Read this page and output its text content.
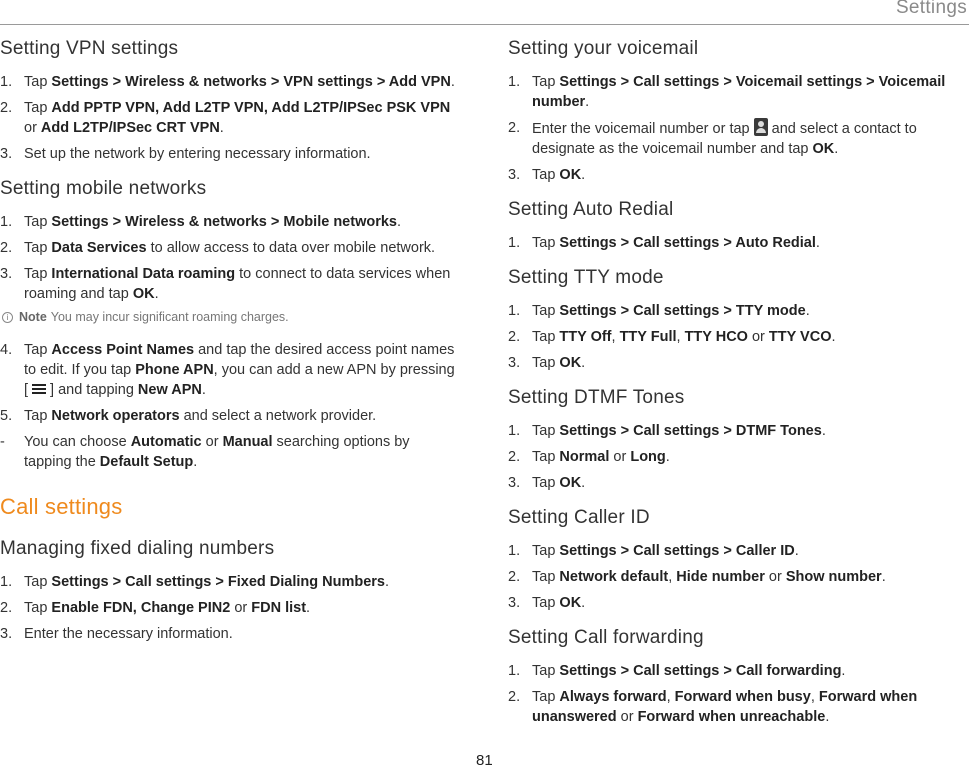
Settings
Setting VPN settings
1. Tap Settings > Wireless & networks > VPN settings > Add VPN.
2. Tap Add PPTP VPN, Add L2TP VPN, Add L2TP/IPSec PSK VPN or Add L2TP/IPSec CRT VPN.
3. Set up the network by entering necessary information.
Setting mobile networks
1. Tap Settings > Wireless & networks > Mobile networks.
2. Tap Data Services to allow access to data over mobile network.
3. Tap International Data roaming to connect to data services when roaming and tap OK.
i Note You may incur significant roaming charges.
4. Tap Access Point Names and tap the desired access point names to edit. If you tap Phone APN, you can add a new APN by pressing [ ] and tapping New APN.
5. Tap Network operators and select a network provider.
- You can choose Automatic or Manual searching options by tapping the Default Setup.
Call settings
Managing fixed dialing numbers
1. Tap Settings > Call settings > Fixed Dialing Numbers.
2. Tap Enable FDN, Change PIN2 or FDN list.
3. Enter the necessary information.
Setting your voicemail
1. Tap Settings > Call settings > Voicemail settings > Voicemail number.
2. Enter the voicemail number or tap  and select a contact to designate as the voicemail number and tap OK.
3. Tap OK.
Setting Auto Redial
1. Tap Settings > Call settings > Auto Redial.
Setting TTY mode
1. Tap Settings > Call settings > TTY mode.
2. Tap TTY Off, TTY Full, TTY HCO or TTY VCO.
3. Tap OK.
Setting DTMF Tones
1. Tap Settings > Call settings > DTMF Tones.
2. Tap Normal or Long.
3. Tap OK.
Setting Caller ID
1. Tap Settings > Call settings > Caller ID.
2. Tap Network default, Hide number or Show number.
3. Tap OK.
Setting Call forwarding
1. Tap Settings > Call settings > Call forwarding.
2. Tap Always forward, Forward when busy, Forward when unanswered or Forward when unreachable.
81
